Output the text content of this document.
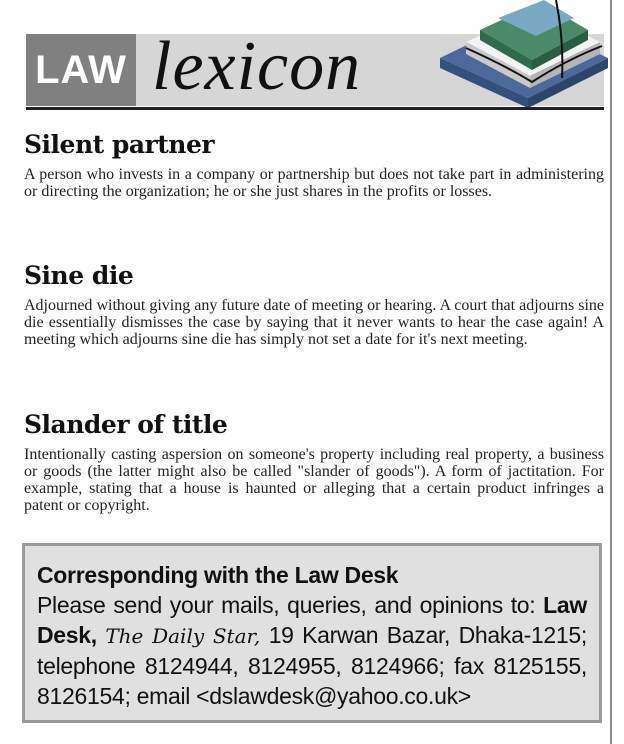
LAW lexicon
Silent partner

A person who invests in a company or partnership but does not take part in administering or directing the organization; he or she just shares in the profits or losses.

Sine die

Adjourned without giving any future date of meeting or hearing. A court that adjourns sine die essentially dismisses the case by saying that it never wants to hear the case again! A meeting which adjourns sine die has simply not set a date for it's next meeting.

Slander of title

Intentionally casting aspersion on someone's property including real property, a business or goods (the latter might also be called "slander of goods"). A form of jactitation. For example, stating that a house is haunted or alleging that a certain product infringes a patent or copyright.

Corresponding with the Law Desk

Please send your mails, queries, and opinions to: Law Desk, The Daily Star, 19 Karwan Bazar, Dhaka-1215; telephone 8124944, 8124955, 8124966; fax 8125155, 8126154; email <dslawdesk@yahoo.co.uk>
